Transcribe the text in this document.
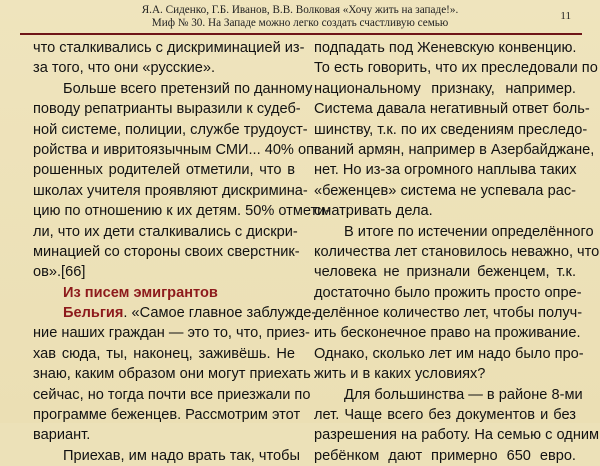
Я.А. Сиденко, Г.Б. Иванов, В.В. Волковая «Хочу жить на западе!».
Миф № 30. На Западе можно легко создать счастливую семью
11
что сталкивались с дискриминацией из-
за того, что они «русские».
Больше всего претензий по данному
поводу репатрианты выразили к судеб-
ной системе, полиции, службе трудоуст-
ройства и ивритоязычным СМИ... 40% оп-
рошенных родителей отметили, что в
школах учителя проявляют дискримина-
цию по отношению к их детям. 50% отмети-
ли, что их дети сталкивались с дискри-
минацией со стороны своих сверстник-
ов».[66]
Из писем эмигрантов
Бельгия. «Самое главное заблужде-
ние наших граждан — это то, что, приез-
хав сюда, ты, наконец, заживёшь. Не
знаю, каким образом они могут приехать
сейчас, но тогда почти все приезжали по
программе беженцев. Рассмотрим этот
вариант.
Приехав, им надо врать так, чтобы
подпадать под Женевскую конвенцию.
То есть говорить, что их преследовали по
национальному признаку, например.
Система давала негативный ответ боль-
шинству, т.к. по их сведениям преследо-
ваний армян, например в Азербайджане,
нет. Но из-за огромного наплыва таких
«беженцев» система не успевала рас-
сматривать дела.
В итоге по истечении определённого
количества лет становилось неважно, что
человека не признали беженцем, т.к.
достаточно было прожить просто опре-
делённое количество лет, чтобы получ-
ить бесконечное право на проживание.
Однако, сколько лет им надо было про-
жить и в каких условиях?
Для большинства — в районе 8-ми
лет. Чаще всего без документов и без
разрешения на работу. На семью с одним
ребёнком дают примерно 650 евро.
